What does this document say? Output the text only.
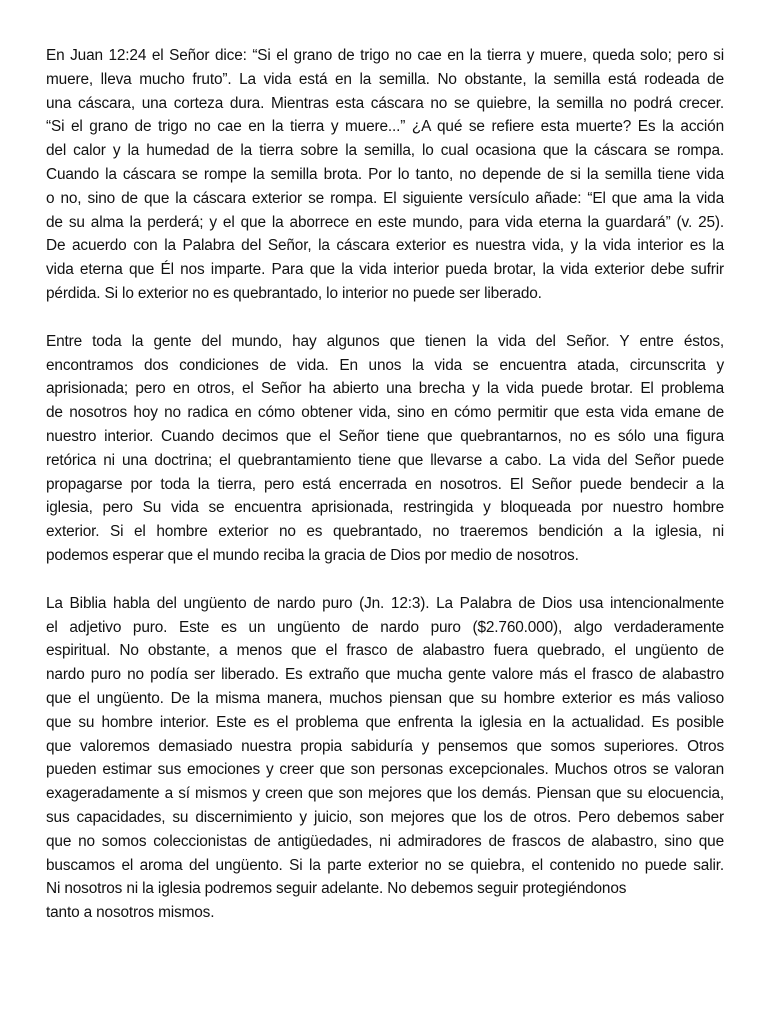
En Juan 12:24 el Señor dice: “Si el grano de trigo no cae en la tierra y muere, queda solo; pero si
muere, lleva mucho fruto”. La vida está en la semilla. No obstante, la semilla está rodeada de
una cáscara, una corteza dura. Mientras esta cáscara no se quiebre, la semilla no podrá crecer.
“Si el grano de trigo no cae en la tierra y muere...” ¿A qué se refiere esta muerte? Es la acción
del calor y la humedad de la tierra sobre la semilla, lo cual ocasiona que la cáscara se rompa.
Cuando la cáscara se rompe la semilla brota. Por lo tanto, no depende de si la semilla tiene vida
o no, sino de que la cáscara exterior se rompa. El siguiente versículo añade: “El que ama la vida
de su alma la perderá; y el que la aborrece en este mundo, para vida eterna la guardará” (v. 25).
De acuerdo con la Palabra del Señor, la cáscara exterior es nuestra vida, y la vida interior es la
vida eterna que Él nos imparte. Para que la vida interior pueda brotar, la vida exterior debe sufrir
pérdida. Si lo exterior no es quebrantado, lo interior no puede ser liberado.

Entre toda la gente del mundo, hay algunos que tienen la vida del Señor. Y entre éstos,
encontramos dos condiciones de vida. En unos la vida se encuentra atada, circunscrita y
aprisionada; pero en otros, el Señor ha abierto una brecha y la vida puede brotar. El problema
de nosotros hoy no radica en cómo obtener vida, sino en cómo permitir que esta vida emane de
nuestro interior. Cuando decimos que el Señor tiene que quebrantarnos, no es sólo una figura
retórica ni una doctrina; el quebrantamiento tiene que llevarse a cabo. La vida del Señor puede
propagarse por toda la tierra, pero está encerrada en nosotros. El Señor puede bendecir a la
iglesia, pero Su vida se encuentra aprisionada, restringida y bloqueada por nuestro hombre
exterior. Si el hombre exterior no es quebrantado, no traeremos bendición a la iglesia, ni
podemos esperar que el mundo reciba la gracia de Dios por medio de nosotros.

La Biblia habla del ungüento de nardo puro (Jn. 12:3). La Palabra de Dios usa intencionalmente
el adjetivo puro. Este es un ungüento de nardo puro ($2.760.000), algo verdaderamente
espiritual. No obstante, a menos que el frasco de alabastro fuera quebrado, el ungüento de
nardo puro no podía ser liberado. Es extraño que mucha gente valore más el frasco de alabastro
que el ungüento. De la misma manera, muchos piensan que su hombre exterior es más valioso
que su hombre interior. Este es el problema que enfrenta la iglesia en la actualidad. Es posible
que valoremos demasiado nuestra propia sabiduría y pensemos que somos superiores. Otros
pueden estimar sus emociones y creer que son personas excepcionales. Muchos otros se valoran
exageradamente a sí mismos y creen que son mejores que los demás. Piensan que su elocuencia,
sus capacidades, su discernimiento y juicio, son mejores que los de otros. Pero debemos saber
que no somos coleccionistas de antigüedades, ni admiradores de frascos de alabastro, sino que
buscamos el aroma del ungüento. Si la parte exterior no se quiebra, el contenido no puede salir.
Ni nosotros ni la iglesia podremos seguir adelante. No debemos seguir protegiéndonos
tanto a nosotros mismos.
